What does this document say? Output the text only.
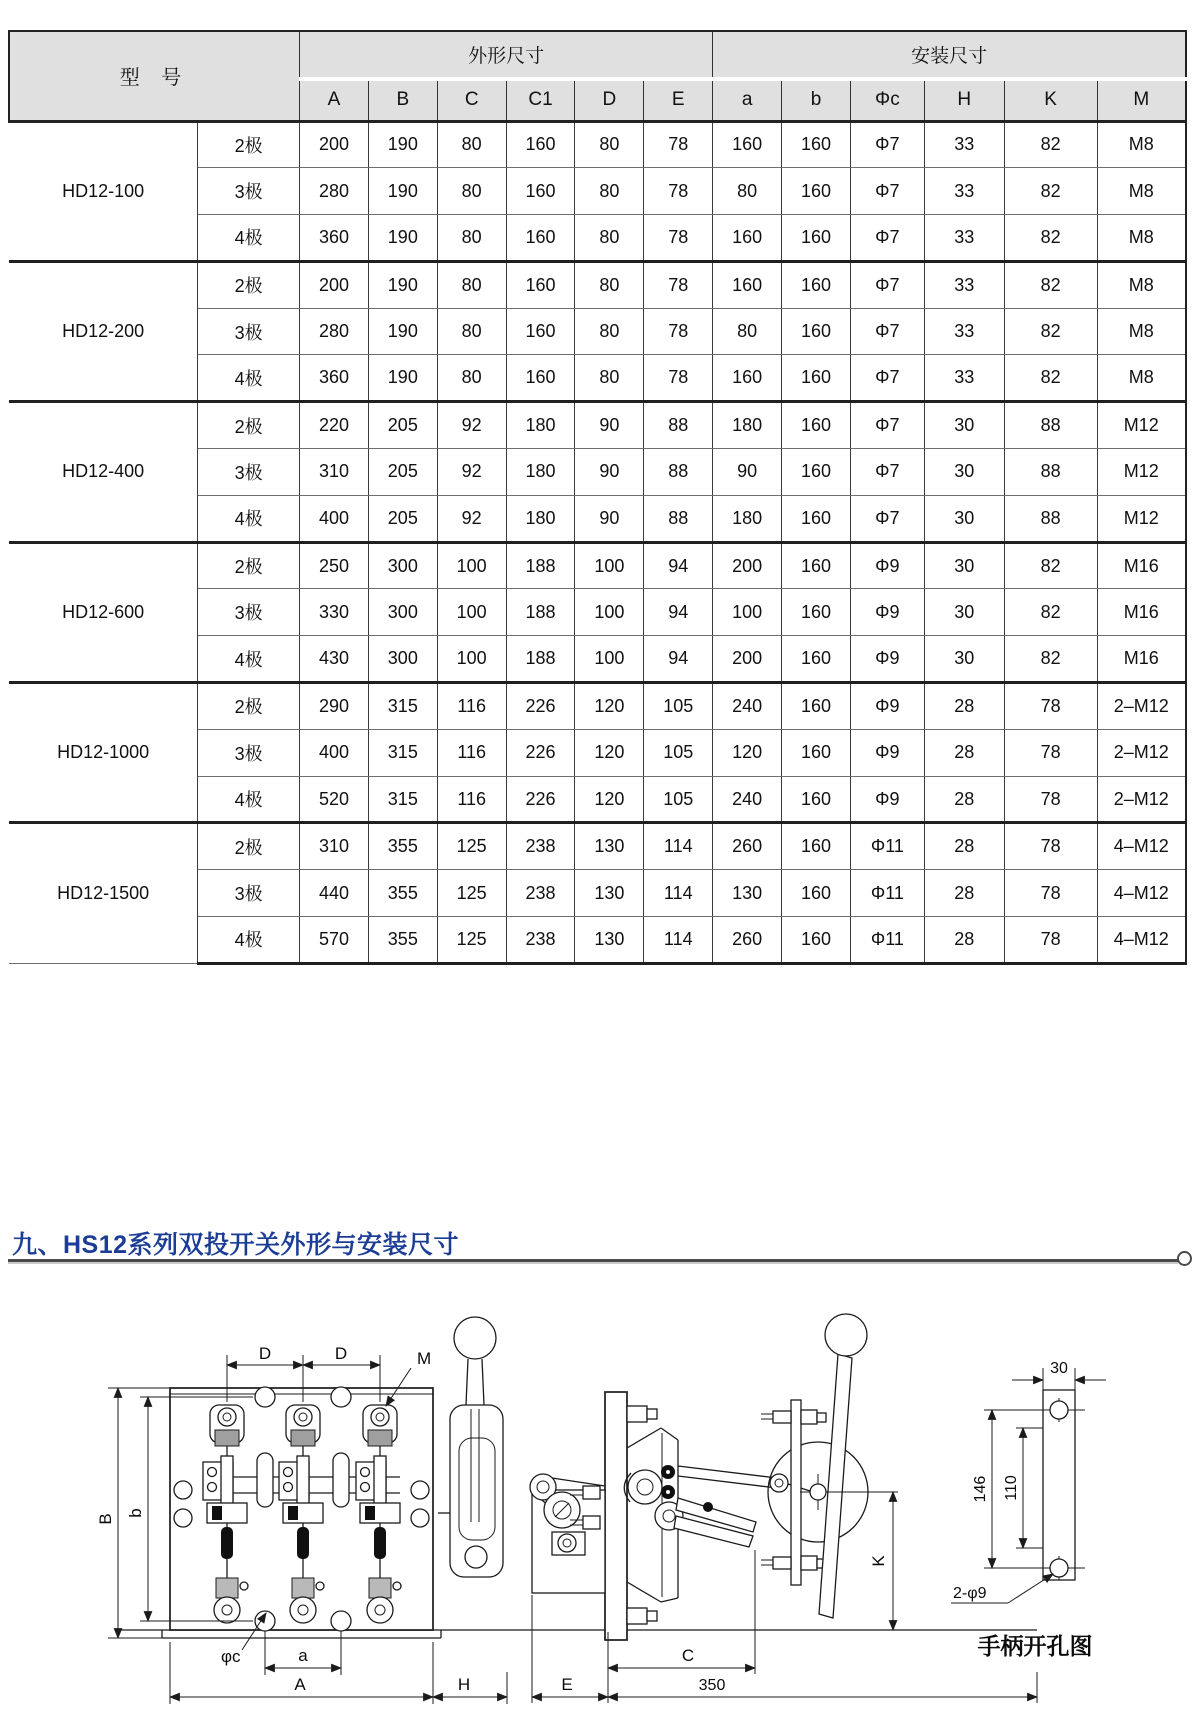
型 号		外形尺寸						安装尺寸					
		A	B	C	C1	D	E	a	b	Φc	H	K	M
HD12-100	2极	200	190	80	160	80	78	160	160	Φ7	33	82	M8
	3极	280	190	80	160	80	78	80	160	Φ7	33	82	M8
	4极	360	190	80	160	80	78	160	160	Φ7	33	82	M8
HD12-200	2极	200	190	80	160	80	78	160	160	Φ7	33	82	M8
	3极	280	190	80	160	80	78	80	160	Φ7	33	82	M8
	4极	360	190	80	160	80	78	160	160	Φ7	33	82	M8
HD12-400	2极	220	205	92	180	90	88	180	160	Φ7	30	88	M12
	3极	310	205	92	180	90	88	90	160	Φ7	30	88	M12
	4极	400	205	92	180	90	88	180	160	Φ7	30	88	M12
HD12-600	2极	250	300	100	188	100	94	200	160	Φ9	30	82	M16
	3极	330	300	100	188	100	94	100	160	Φ9	30	82	M16
	4极	430	300	100	188	100	94	200	160	Φ9	30	82	M16
HD12-1000	2极	290	315	116	226	120	105	240	160	Φ9	28	78	2–M12
	3极	400	315	116	226	120	105	120	160	Φ9	28	78	2–M12
	4极	520	315	116	226	120	105	240	160	Φ9	28	78	2–M12
HD12-1500	2极	310	355	125	238	130	114	260	160	Φ11	28	78	4–M12
	3极	440	355	125	238	130	114	130	160	Φ11	28	78	4–M12
	4极	570	355	125	238	130	114	260	160	Φ11	28	78	4–M12
九、HS12系列双投开关外形与安装尺寸
D	D	M
B
b
φc	a
A	H
K
C
E	350
30
146 110
2-φ9
手柄开孔图
